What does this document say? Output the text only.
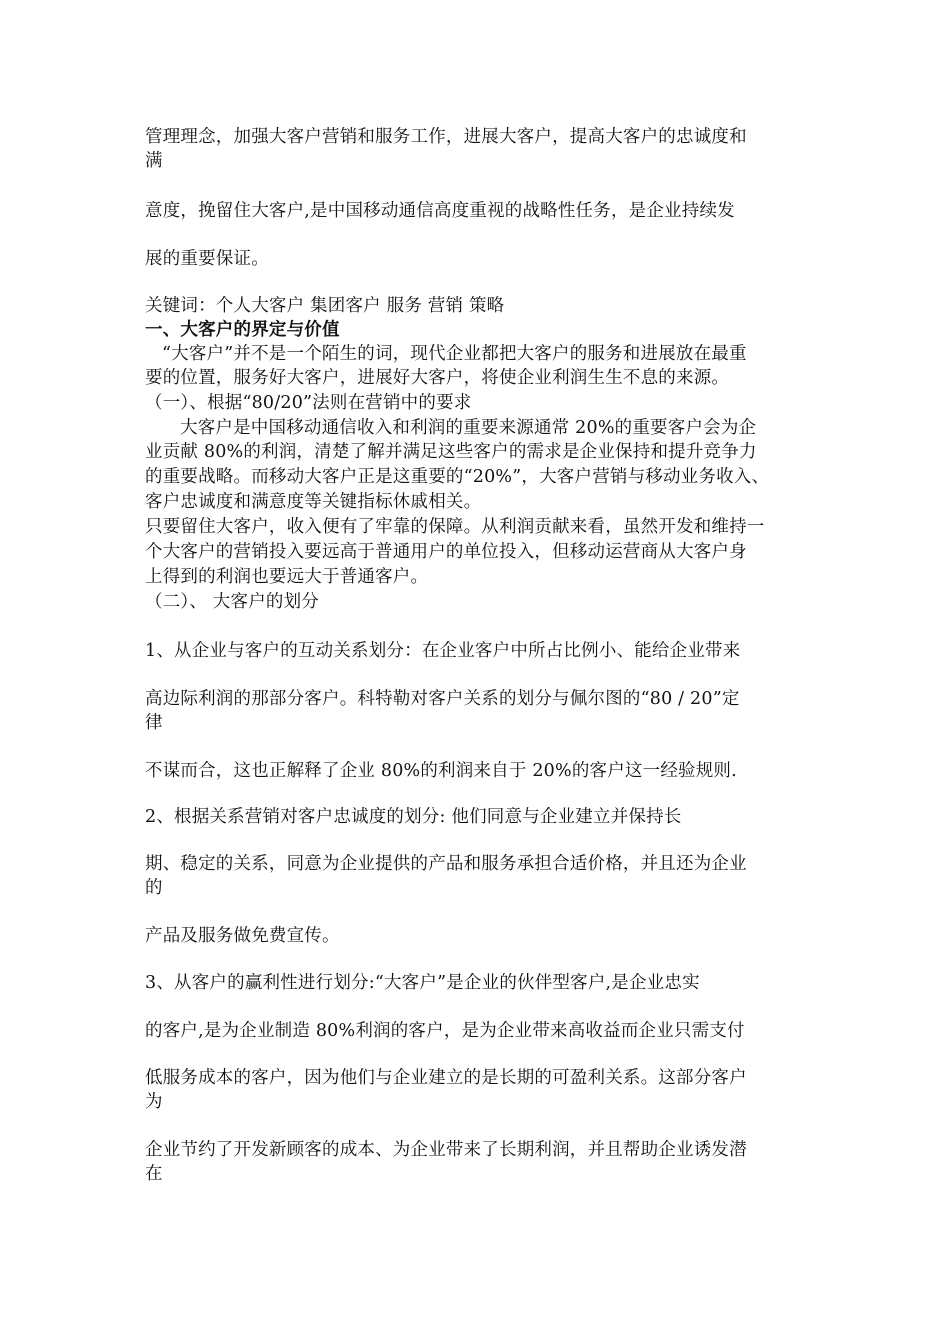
管理理念，加强大客户营销和服务工作，进展大客户，提高大客户的忠诚度和
满
意度，挽留住大客户,是中国移动通信高度重视的战略性任务，是企业持续发
展的重要保证。
关键词：个人大客户 集团客户 服务 营销 策略
一、大客户的界定与价值
“大客户”并不是一个陌生的词，现代企业都把大客户的服务和进展放在最重
要的位置，服务好大客户，进展好大客户，将使企业利润生生不息的来源。
（一）、根据“80/20”法则在营销中的要求
大客户是中国移动通信收入和利润的重要来源通常 20%的重要客户会为企
业贡献 80%的利润，清楚了解并满足这些客户的需求是企业保持和提升竞争力
的重要战略。而移动大客户正是这重要的“20%”，大客户营销与移动业务收入、
客户忠诚度和满意度等关键指标休戚相关。
只要留住大客户，收入便有了牢靠的保障。从利润贡献来看，虽然开发和维持一
个大客户的营销投入要远高于普通用户的单位投入，但移动运营商从大客户身
上得到的利润也要远大于普通客户。
（二）、 大客户的划分
1、从企业与客户的互动关系划分：在企业客户中所占比例小、能给企业带来
高边际利润的那部分客户。科特勒对客户关系的划分与佩尔图的“80 / 20”定
律
不谋而合，这也正解释了企业 80%的利润来自于 20%的客户这一经验规则.
2、根据关系营销对客户忠诚度的划分: 他们同意与企业建立并保持长
期、稳定的关系，同意为企业提供的产品和服务承担合适价格，并且还为企业
的
产品及服务做免费宣传。
3、从客户的赢利性进行划分:“大客户”是企业的伙伴型客户,是企业忠实
的客户,是为企业制造 80%利润的客户，是为企业带来高收益而企业只需支付
低服务成本的客户，因为他们与企业建立的是长期的可盈利关系。这部分客户
为
企业节约了开发新顾客的成本、为企业带来了长期利润，并且帮助企业诱发潜
在
